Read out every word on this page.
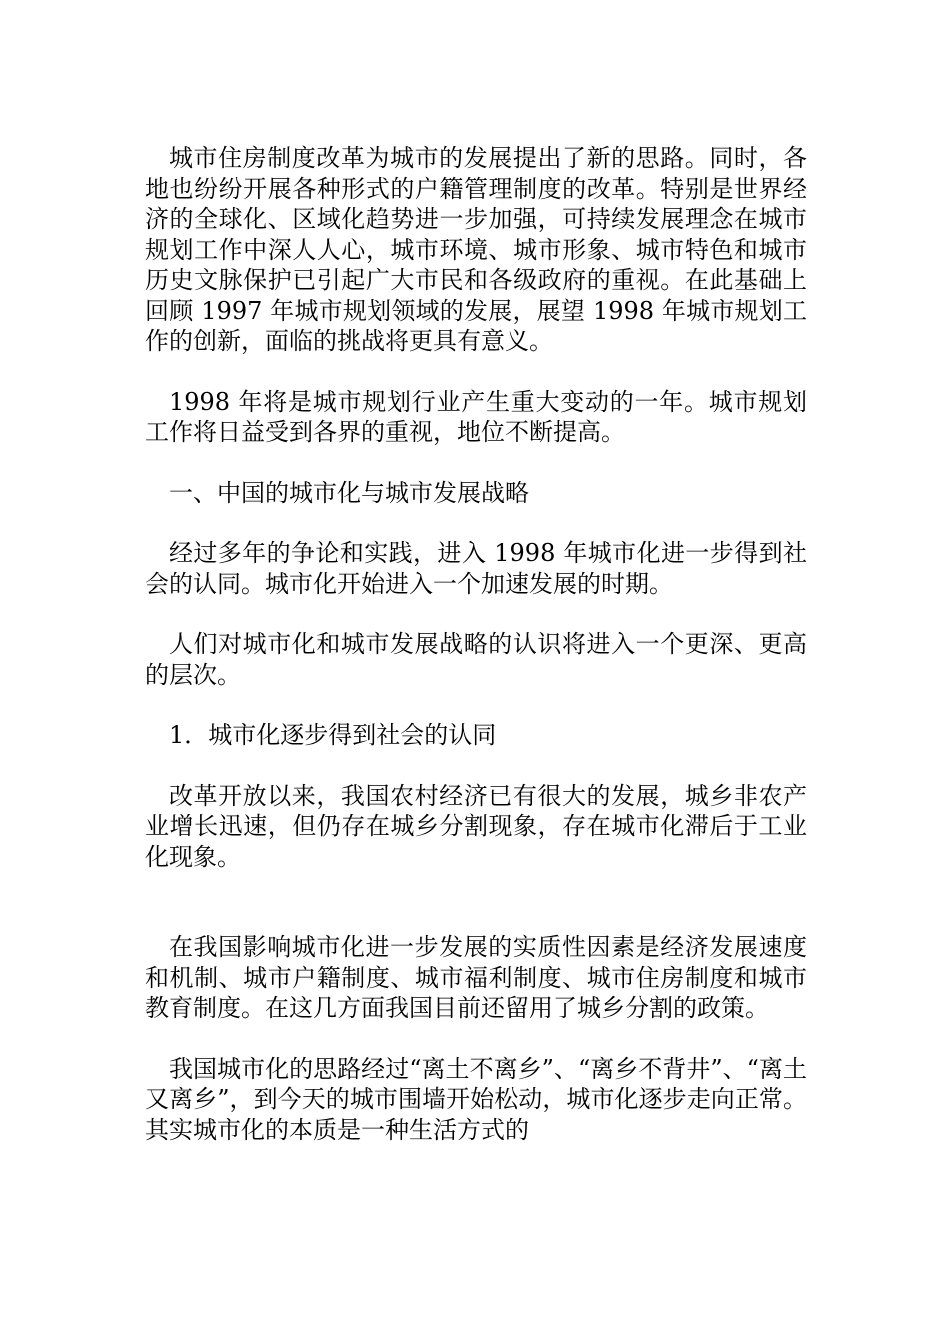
城市住房制度改革为城市的发展提出了新的思路。同时，各地也纷纷开展各种形式的户籍管理制度的改革。特别是世界经济的全球化、区域化趋势进一步加强，可持续发展理念在城市规划工作中深人人心，城市环境、城市形象、城市特色和城市历史文脉保护已引起广大市民和各级政府的重视。在此基础上回顾 1997 年城市规划领域的发展，展望 1998 年城市规划工作的创新，面临的挑战将更具有意义。

1998 年将是城市规划行业产生重大变动的一年。城市规划工作将日益受到各界的重视，地位不断提高。

一、中国的城市化与城市发展战略

经过多年的争论和实践，进入 1998 年城市化进一步得到社会的认同。城市化开始进入一个加速发展的时期。

人们对城市化和城市发展战略的认识将进入一个更深、更高的层次。

1．城市化逐步得到社会的认同

改革开放以来，我国农村经济已有很大的发展，城乡非农产业增长迅速，但仍存在城乡分割现象，存在城市化滞后于工业化现象。

在我国影响城市化进一步发展的实质性因素是经济发展速度和机制、城市户籍制度、城市福利制度、城市住房制度和城市教育制度。在这几方面我国目前还留用了城乡分割的政策。

我国城市化的思路经过“离土不离乡”、“离乡不背井”、“离土又离乡”，到今天的城市围墙开始松动，城市化逐步走向正常。其实城市化的本质是一种生活方式的
